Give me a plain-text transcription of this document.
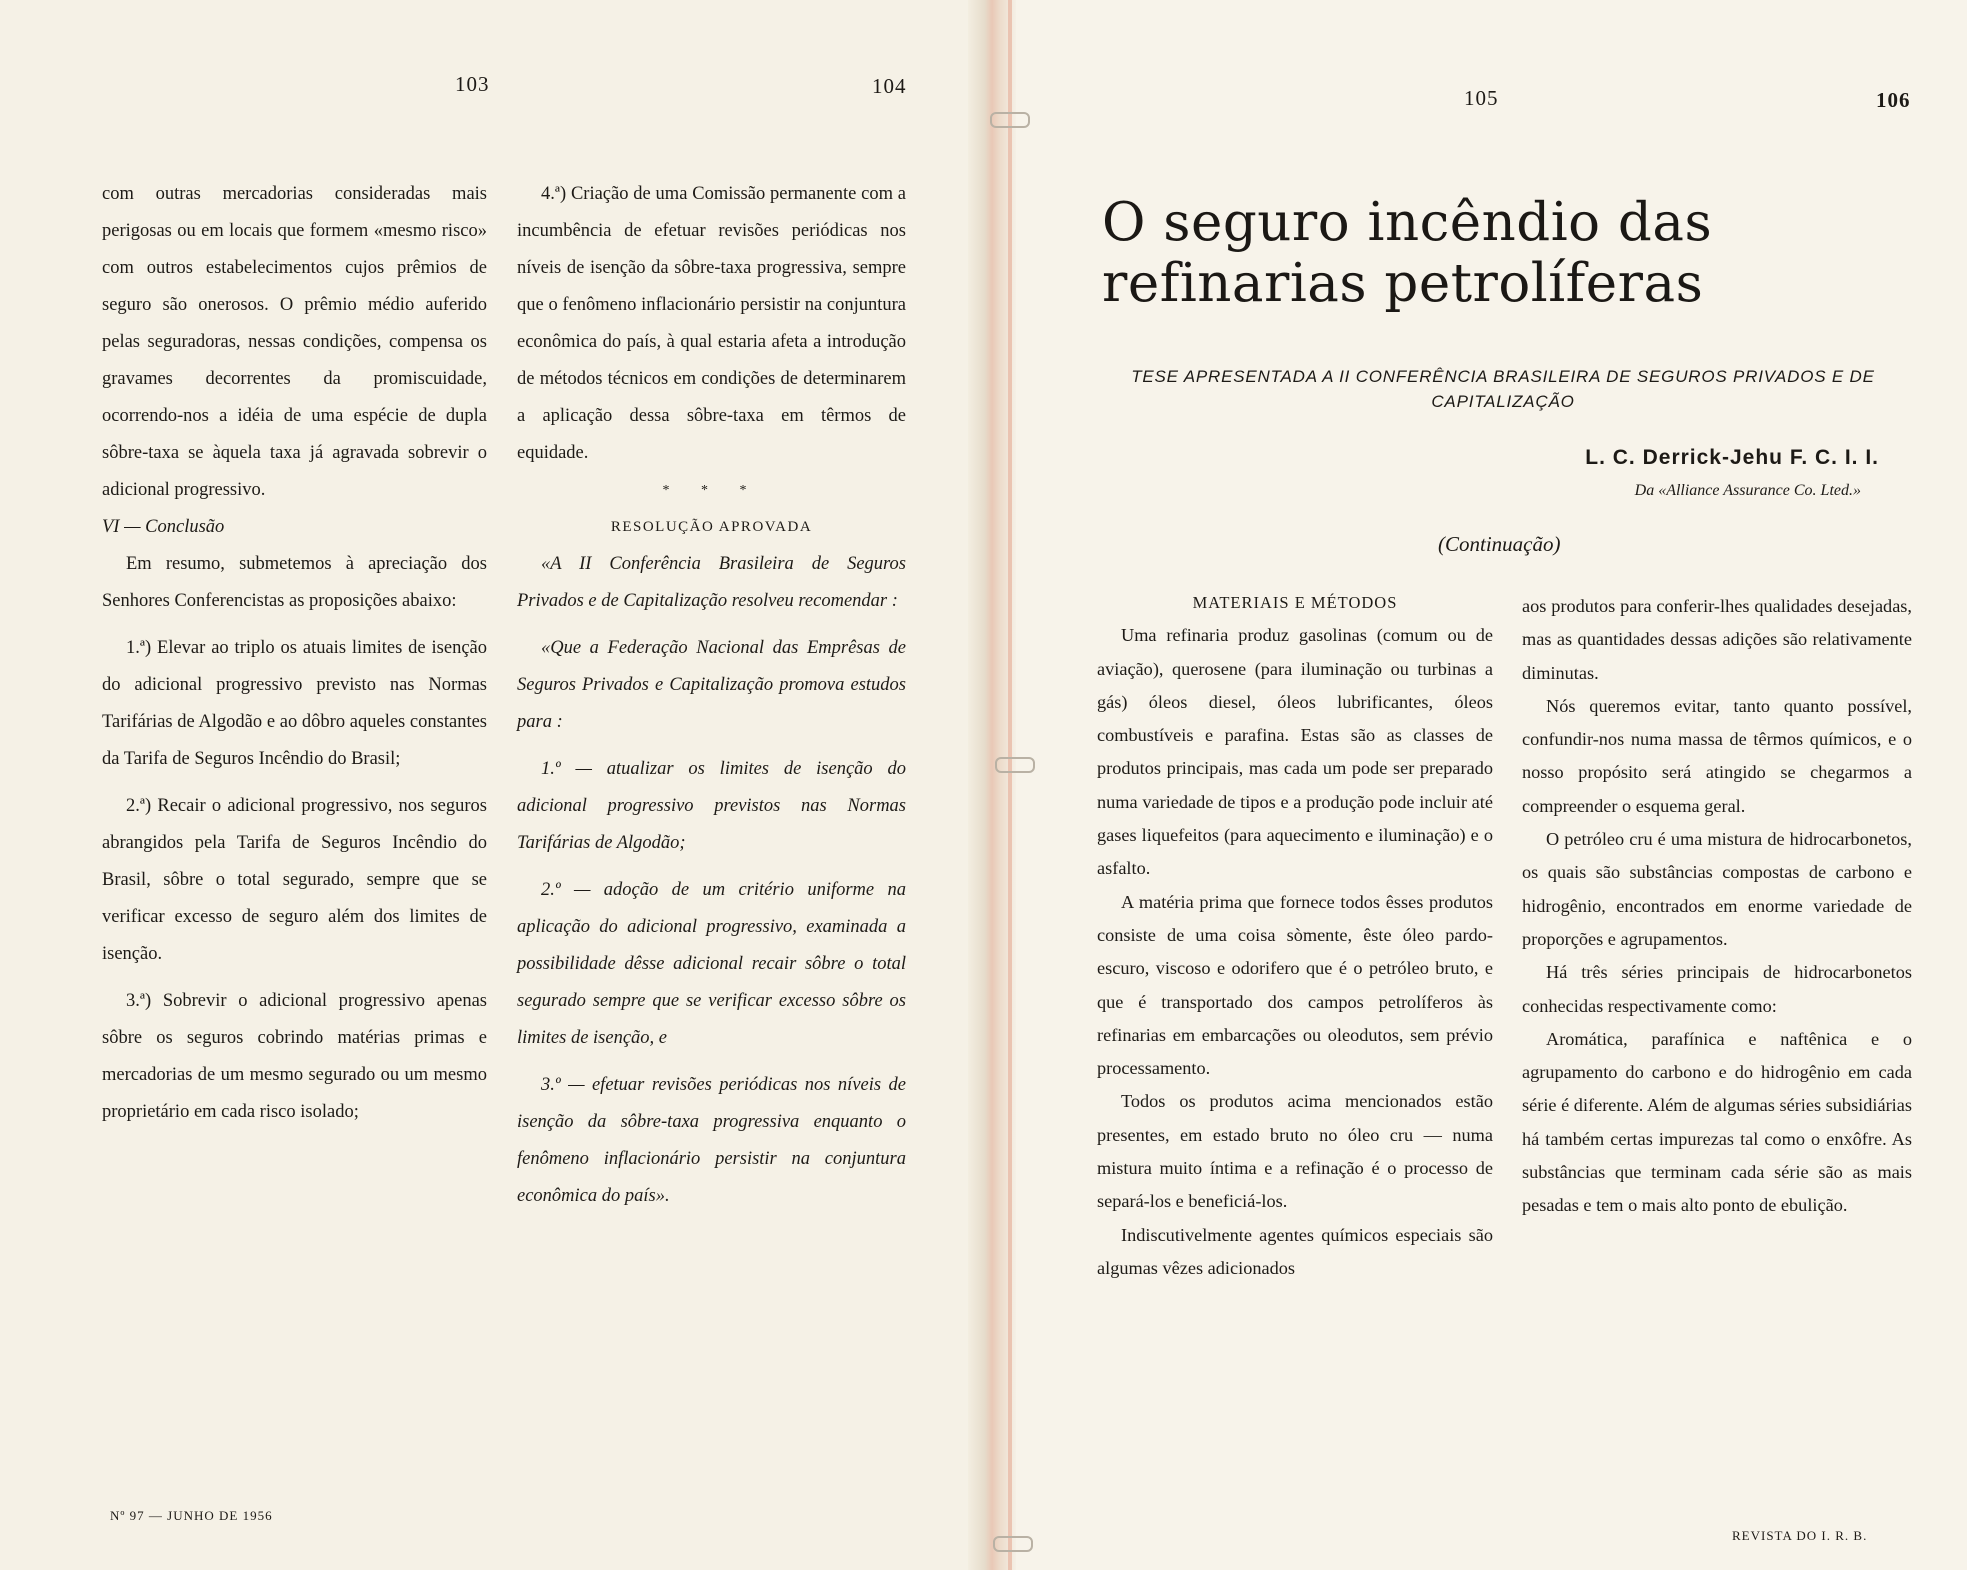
103	104	105	106

com outras mercadorias consideradas mais perigosas ou em locais que formem «mesmo risco» com outros estabelecimentos cujos prêmios de seguro são onerosos. O prêmio médio auferido pelas seguradoras, nessas condições, compensa os gravames decorrentes da promiscuidade, ocorrendo-nos a idéia de uma espécie de dupla sôbre-taxa se àquela taxa já agravada sobrevir o adicional progressivo.

VI — Conclusão

Em resumo, submetemos à apreciação dos Senhores Conferencistas as proposições abaixo:

1.ª) Elevar ao triplo os atuais limites de isenção do adicional progressivo previsto nas Normas Tarifárias de Algodão e ao dôbro aqueles constantes da Tarifa de Seguros Incêndio do Brasil;

2.ª) Recair o adicional progressivo, nos seguros abrangidos pela Tarifa de Seguros Incêndio do Brasil, sôbre o total segurado, sempre que se verificar excesso de seguro além dos limites de isenção.

3.ª) Sobrevir o adicional progressivo apenas sôbre os seguros cobrindo matérias primas e mercadorias de um mesmo segurado ou um mesmo proprietário em cada risco isolado;

4.ª) Criação de uma Comissão permanente com a incumbência de efetuar revisões periódicas nos níveis de isenção da sôbre-taxa progressiva, sempre que o fenômeno inflacionário persistir na conjuntura econômica do país, à qual estaria afeta a introdução de métodos técnicos em condições de determinarem a aplicação dessa sôbre-taxa em têrmos de equidade.

* * *

RESOLUÇÃO APROVADA

«A II Conferência Brasileira de Seguros Privados e de Capitalização resolveu recomendar :

«Que a Federação Nacional das Emprêsas de Seguros Privados e Capitalização promova estudos para :

1.º — atualizar os limites de isenção do adicional progressivo previstos nas Normas Tarifárias de Algodão;

2.º — adoção de um critério uniforme na aplicação do adicional progressivo, examinada a possibilidade dêsse adicional recair sôbre o total segurado sempre que se verificar excesso sôbre os limites de isenção, e

3.º — efetuar revisões periódicas nos níveis de isenção da sôbre-taxa progressiva enquanto o fenômeno inflacionário persistir na conjuntura econômica do país».

O seguro incêndio das refinarias petrolíferas
TESE APRESENTADA A II CONFERÊNCIA BRASILEIRA DE SEGUROS PRIVADOS E DE CAPITALIZAÇÃO
L. C. Derrick-Jehu F. C. I. I.
Da «Alliance Assurance Co. Lted.»
(Continuação)

MATERIAIS E MÉTODOS

Uma refinaria produz gasolinas (comum ou de aviação), querosene (para iluminação ou turbinas a gás) óleos diesel, óleos lubrificantes, óleos combustíveis e parafina. Estas são as classes de produtos principais, mas cada um pode ser preparado numa variedade de tipos e a produção pode incluir até gases liquefeitos (para aquecimento e iluminação) e o asfalto.

A matéria prima que fornece todos êsses produtos consiste de uma coisa sòmente, êste óleo pardo-escuro, viscoso e odorifero que é o petróleo bruto, e que é transportado dos campos petrolíferos às refinarias em embarcações ou oleodutos, sem prévio processamento.

Todos os produtos acima mencionados estão presentes, em estado bruto no óleo cru — numa mistura muito íntima e a refinação é o processo de separá-los e beneficiá-los.

Indiscutivelmente agentes químicos especiais são algumas vêzes adicionados

aos produtos para conferir-lhes qualidades desejadas, mas as quantidades dessas adições são relativamente diminutas.

Nós queremos evitar, tanto quanto possível, confundir-nos numa massa de têrmos químicos, e o nosso propósito será atingido se chegarmos a compreender o esquema geral.

O petróleo cru é uma mistura de hidrocarbonetos, os quais são substâncias compostas de carbono e hidrogênio, encontrados em enorme variedade de proporções e agrupamentos.

Há três séries principais de hidrocarbonetos conhecidas respectivamente como:

Aromática, parafínica e naftênica e o agrupamento do carbono e do hidrogênio em cada série é diferente. Além de algumas séries subsidiárias há também certas impurezas tal como o enxôfre. As substâncias que terminam cada série são as mais pesadas e tem o mais alto ponto de ebulição.

Nº 97 — JUNHO DE 1956
REVISTA DO I. R. B.
